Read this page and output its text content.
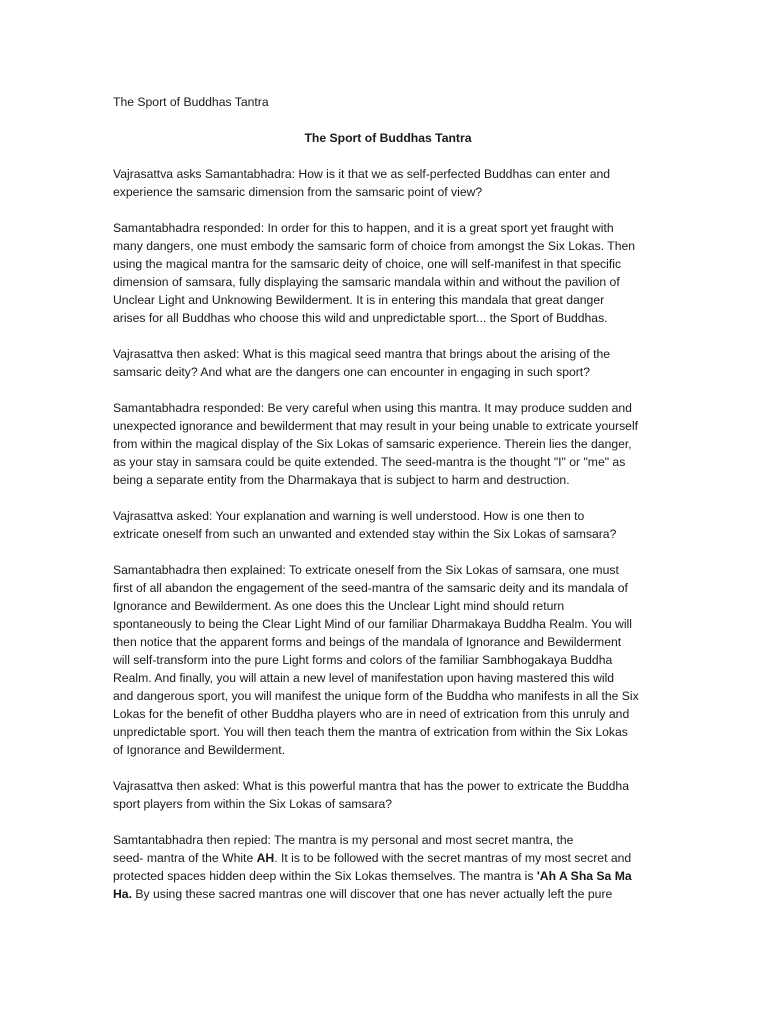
The Sport of Buddhas Tantra
The Sport of Buddhas Tantra
Vajrasattva asks Samantabhadra: How is it that we as self-perfected Buddhas can enter and
experience the samsaric dimension from the samsaric point of view?
Samantabhadra responded: In order for this to happen, and it is a great sport yet fraught with
many dangers, one must embody the samsaric form of choice from amongst the Six Lokas. Then
using the magical mantra for the samsaric deity of choice, one will self-manifest in that specific
dimension of samsara, fully displaying the samsaric mandala within and without the pavilion of
Unclear Light and Unknowing Bewilderment. It is in entering this mandala that great danger
arises for all Buddhas who choose this wild and unpredictable sport... the Sport of Buddhas.
Vajrasattva then asked: What is this magical seed mantra that brings about the arising of the
samsaric deity? And what are the dangers one can encounter in engaging in such sport?
Samantabhadra responded: Be very careful when using this mantra. It may produce sudden and
unexpected ignorance and bewilderment that may result in your being unable to extricate yourself
from within the magical display of the Six Lokas of samsaric experience. Therein lies the danger,
as your stay in samsara could be quite extended. The seed-mantra is the thought "I" or "me" as
being a separate entity from the Dharmakaya that is subject to harm and destruction.
Vajrasattva asked: Your explanation and warning is well understood. How is one then to
extricate oneself from such an unwanted and extended stay within the Six Lokas of samsara?
Samantabhadra then explained: To extricate oneself from the Six Lokas of samsara, one must
first of all abandon the engagement of the seed-mantra of the samsaric deity and its mandala of
Ignorance and Bewilderment. As one does this the Unclear Light mind should return
spontaneously to being the Clear Light Mind of our familiar Dharmakaya Buddha Realm. You will
then notice that the apparent forms and beings of the mandala of Ignorance and Bewilderment
will self-transform into the pure Light forms and colors of the familiar Sambhogakaya Buddha
Realm. And finally, you will attain a new level of manifestation upon having mastered this wild
and dangerous sport, you will manifest the unique form of the Buddha who manifests in all the Six
Lokas for the benefit of other Buddha players who are in need of extrication from this unruly and
unpredictable sport. You will then teach them the mantra of extrication from within the Six Lokas
of Ignorance and Bewilderment.
Vajrasattva then asked: What is this powerful mantra that has the power to extricate the Buddha
sport players from within the Six Lokas of samsara?
Samtantabhadra then repied: The mantra is my personal and most secret mantra, the
seed- mantra of the White AH. It is to be followed with the secret mantras of my most secret and
protected spaces hidden deep within the Six Lokas themselves. The mantra is 'Ah A Sha Sa Ma
Ha. By using these sacred mantras one will discover that one has never actually left the pure
